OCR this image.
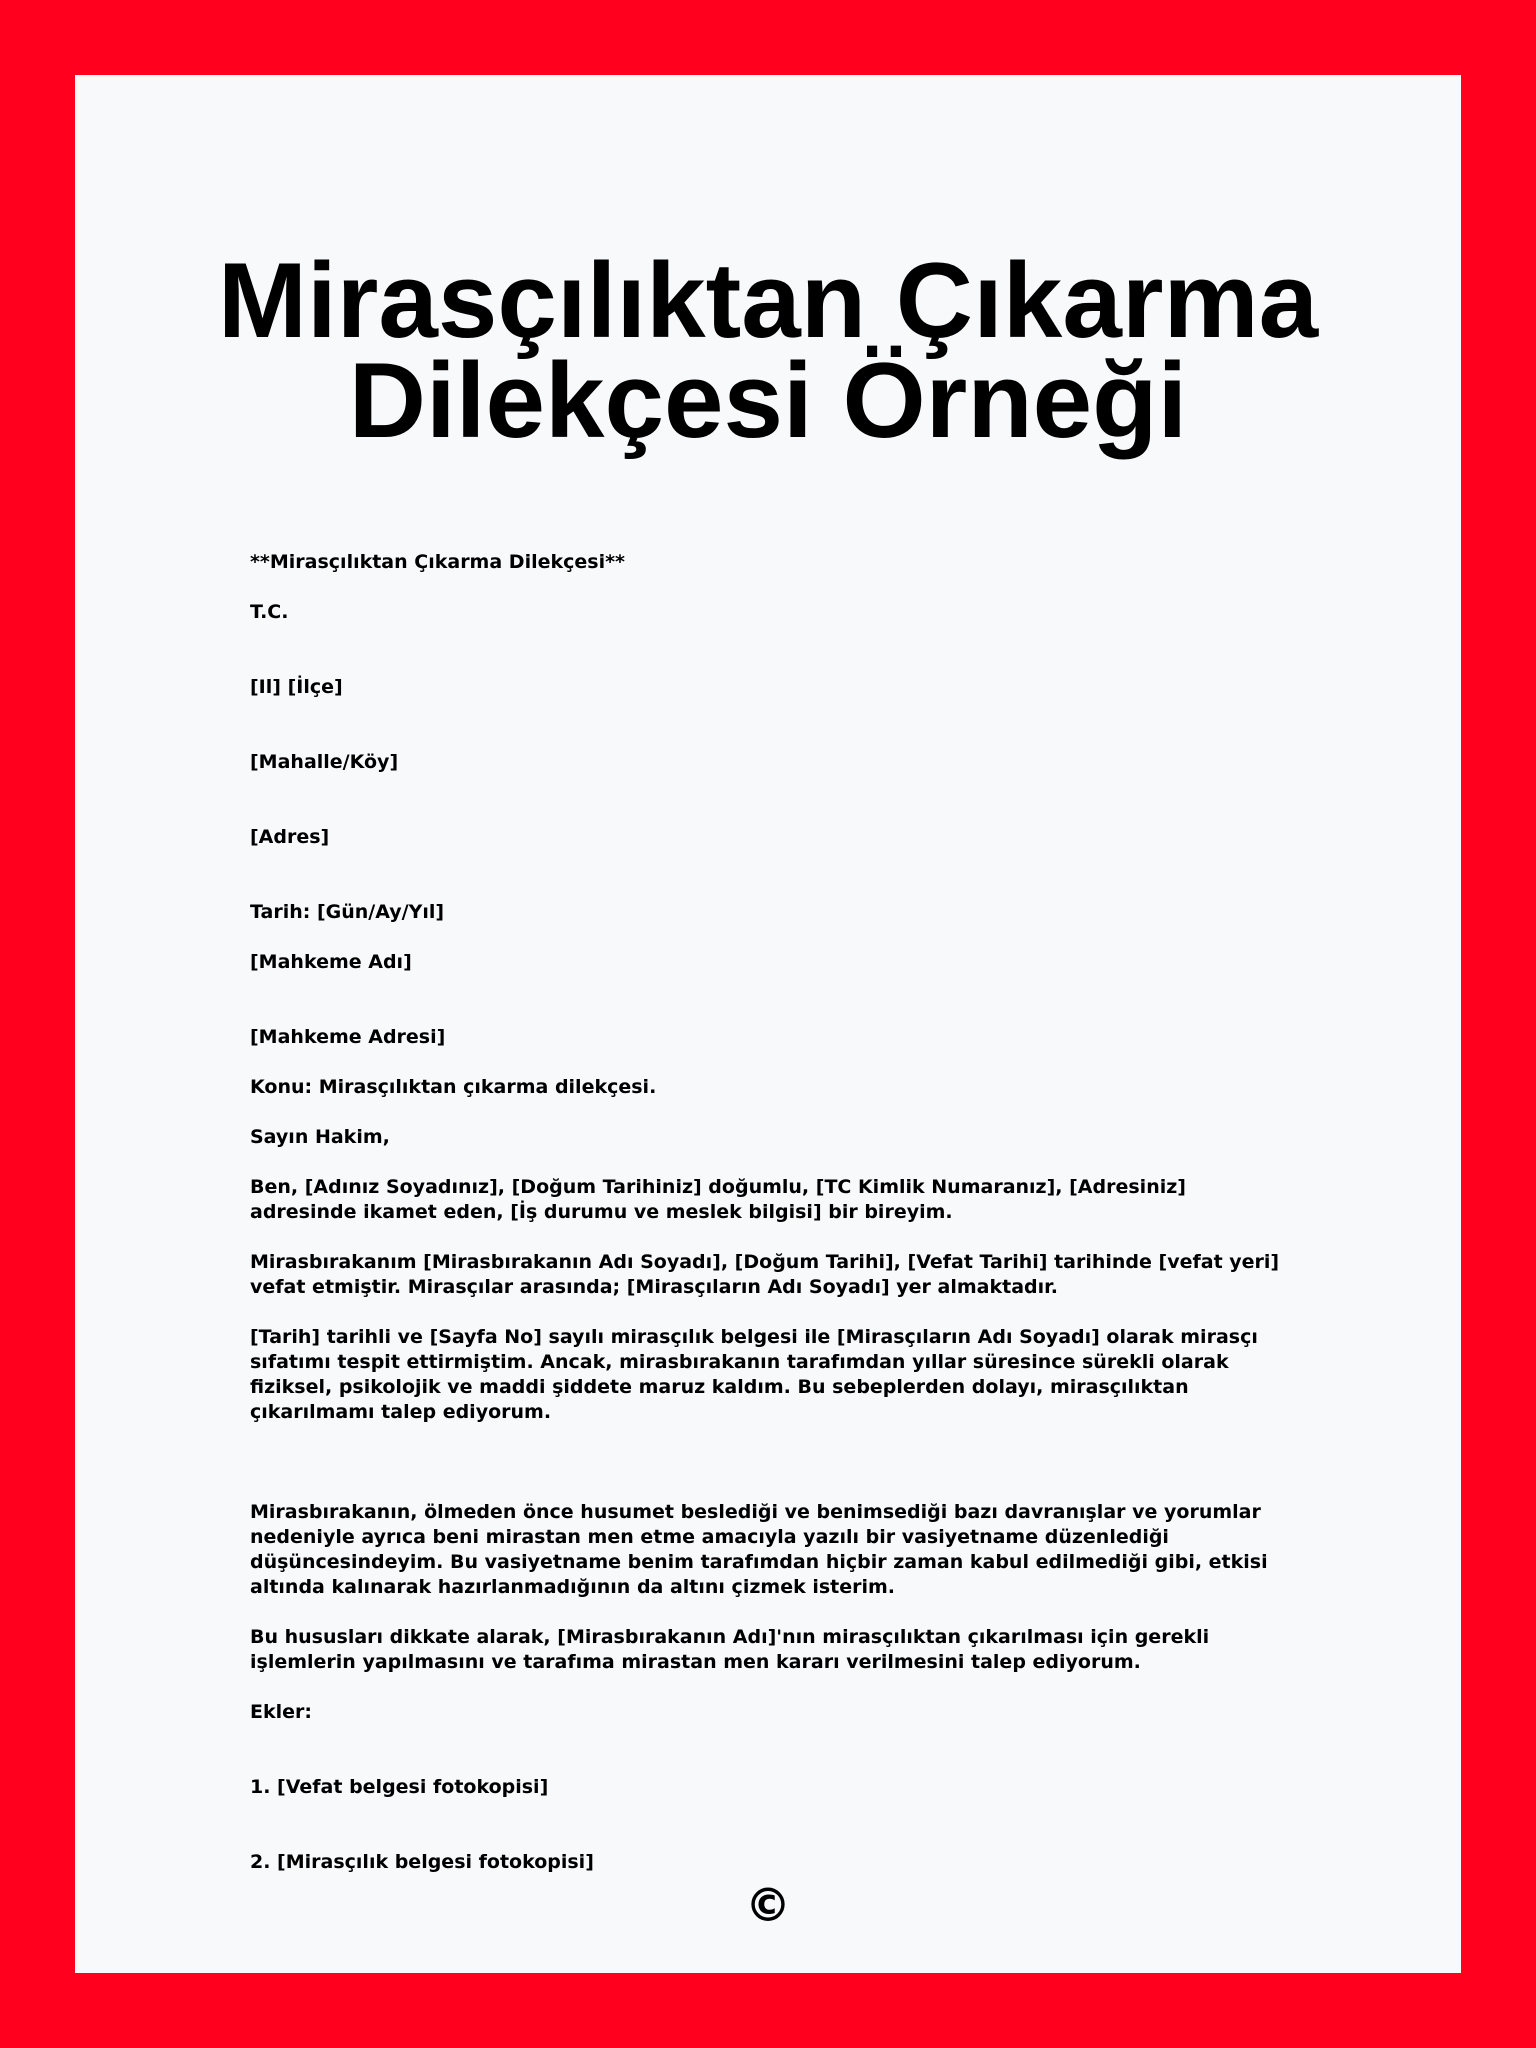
Mirasçılıktan Çıkarma
Dilekçesi Örneği
**Mirasçılıktan Çıkarma Dilekçesi**
T.C.
[Il] [İlçe]
[Mahalle/Köy]
[Adres]
Tarih: [Gün/Ay/Yıl]
[Mahkeme Adı]
[Mahkeme Adresi]
Konu: Mirasçılıktan çıkarma dilekçesi.
Sayın Hakim,
Ben, [Adınız Soyadınız], [Doğum Tarihiniz] doğumlu, [TC Kimlik Numaranız], [Adresiniz] adresinde ikamet eden, [İş durumu ve meslek bilgisi] bir bireyim.
Mirasbırakanım [Mirasbırakanın Adı Soyadı], [Doğum Tarihi], [Vefat Tarihi] tarihinde [vefat yeri] vefat etmiştir. Mirasçılar arasında; [Mirasçıların Adı Soyadı] yer almaktadır.
[Tarih] tarihli ve [Sayfa No] sayılı mirasçılık belgesi ile [Mirasçıların Adı Soyadı] olarak mirasçı sıfatımı tespit ettirmiştim. Ancak, mirasbırakanın tarafımdan yıllar süresince sürekli olarak fiziksel, psikolojik ve maddi şiddete maruz kaldım. Bu sebeplerden dolayı, mirasçılıktan çıkarılmamı talep ediyorum.
Mirasbırakanın, ölmeden önce husumet beslediği ve benimsediği bazı davranışlar ve yorumlar nedeniyle ayrıca beni mirastan men etme amacıyla yazılı bir vasiyetname düzenlediği düşüncesindeyim. Bu vasiyetname benim tarafımdan hiçbir zaman kabul edilmediği gibi, etkisi altında kalınarak hazırlanmadığının da altını çizmek isterim.
Bu hususları dikkate alarak, [Mirasbırakanın Adı]'nın mirasçılıktan çıkarılması için gerekli işlemlerin yapılmasını ve tarafıma mirastan men kararı verilmesini talep ediyorum.
Ekler:
1. [Vefat belgesi fotokopisi]
2. [Mirasçılık belgesi fotokopisi]
©
